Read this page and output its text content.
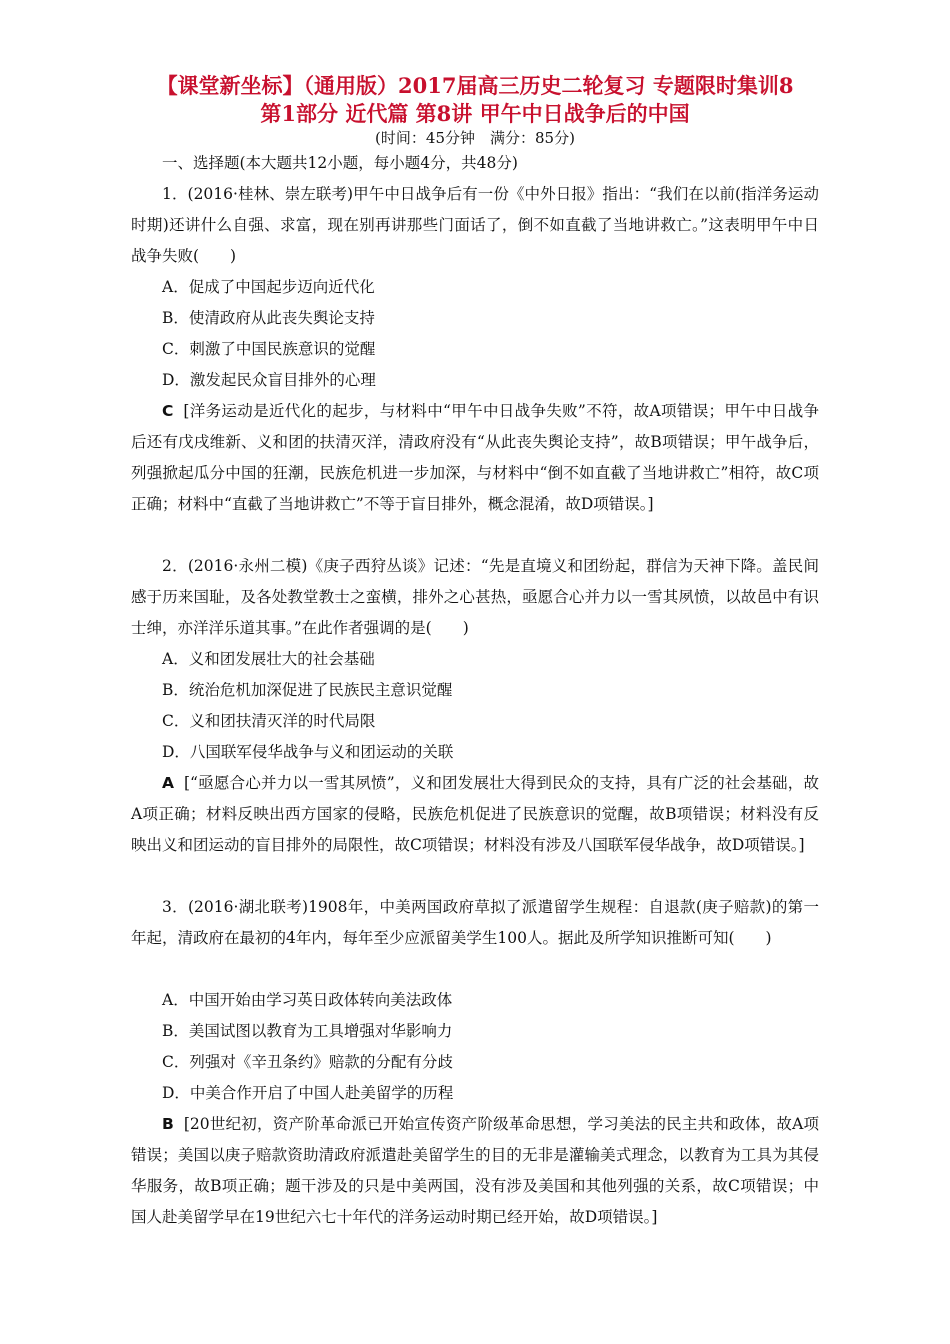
【课堂新坐标】（通用版）2017届高三历史二轮复习 专题限时集训8
第1部分 近代篇 第8讲 甲午中日战争后的中国
(时间：45分钟　满分：85分)

一、选择题(本大题共12小题，每小题4分，共48分)

1．(2016·桂林、崇左联考)甲午中日战争后有一份《中外日报》指出：“我们在以前(指洋务运动时期)还讲什么自强、求富，现在别再讲那些门面话了，倒不如直截了当地讲救亡。”这表明甲午中日战争失败(　　)

A．促成了中国起步迈向近代化

B．使清政府从此丧失舆论支持

C．刺激了中国民族意识的觉醒

D．激发起民众盲目排外的心理

C [洋务运动是近代化的起步，与材料中“甲午中日战争失败”不符，故A项错误；甲午中日战争后还有戊戌维新、义和团的扶清灭洋，清政府没有“从此丧失舆论支持”，故B项错误；甲午战争后，列强掀起瓜分中国的狂潮，民族危机进一步加深，与材料中“倒不如直截了当地讲救亡”相符，故C项正确；材料中“直截了当地讲救亡”不等于盲目排外，概念混淆，故D项错误。]

2．(2016·永州二模)《庚子西狩丛谈》记述：“先是直境义和团纷起，群信为天神下降。盖民间感于历来国耻，及各处教堂教士之蛮横，排外之心甚热，亟愿合心并力以一雪其夙愤，以故邑中有识士绅，亦洋洋乐道其事。”在此作者强调的是(　　)

A．义和团发展壮大的社会基础

B．统治危机加深促进了民族民主意识觉醒

C．义和团扶清灭洋的时代局限

D．八国联军侵华战争与义和团运动的关联

A [“亟愿合心并力以一雪其夙愤”，义和团发展壮大得到民众的支持，具有广泛的社会基础，故A项正确；材料反映出西方国家的侵略，民族危机促进了民族意识的觉醒，故B项错误；材料没有反映出义和团运动的盲目排外的局限性，故C项错误；材料没有涉及八国联军侵华战争，故D项错误。]

3．(2016·湖北联考)1908年，中美两国政府草拟了派遣留学生规程：自退款(庚子赔款)的第一年起，清政府在最初的4年内，每年至少应派留美学生100人。据此及所学知识推断可知(　　)

A．中国开始由学习英日政体转向美法政体

B．美国试图以教育为工具增强对华影响力

C．列强对《辛丑条约》赔款的分配有分歧

D．中美合作开启了中国人赴美留学的历程

B [20世纪初，资产阶革命派已开始宣传资产阶级革命思想，学习美法的民主共和政体，故A项错误；美国以庚子赔款资助清政府派遣赴美留学生的目的无非是灌输美式理念，以教育为工具为其侵华服务，故B项正确；题干涉及的只是中美两国，没有涉及美国和其他列强的关系，故C项错误；中国人赴美留学早在19世纪六七十年代的洋务运动时期已经开始，故D项错误。]
